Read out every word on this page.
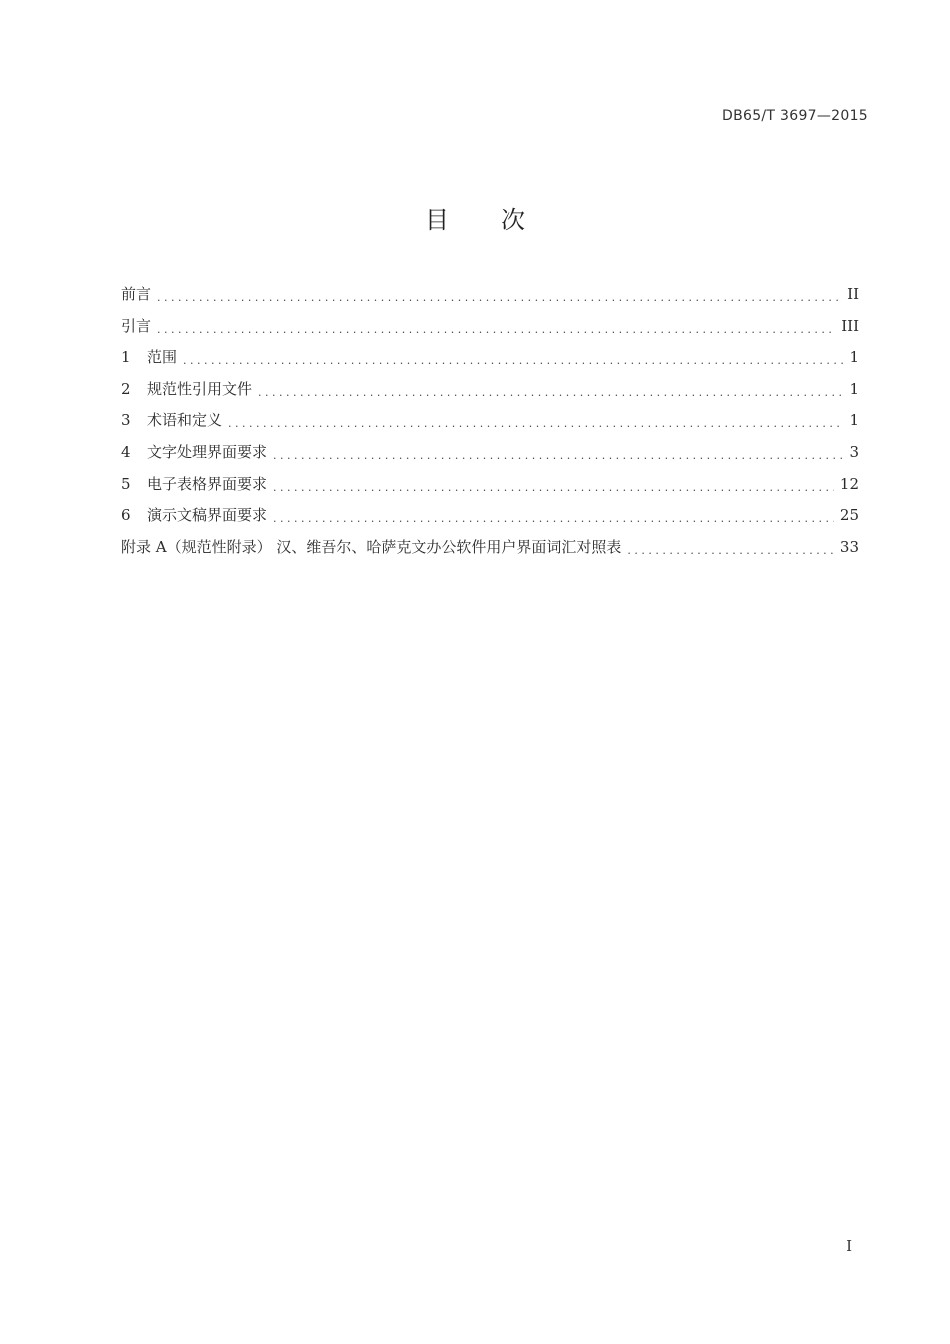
DB65/T 3697—2015
目次
前言 . . .	II
引言 . . .	III
1 范围 . . .	1
2 规范性引用文件 . . .	1
3 术语和定义 . . .	1
4 文字处理界面要求 . . .	3
5 电子表格界面要求 . . .	12
6 演示文稿界面要求 . . .	25
附录 A（规范性附录） 汉、维吾尔、哈萨克文办公软件用户界面词汇对照表 . . .	33
I
